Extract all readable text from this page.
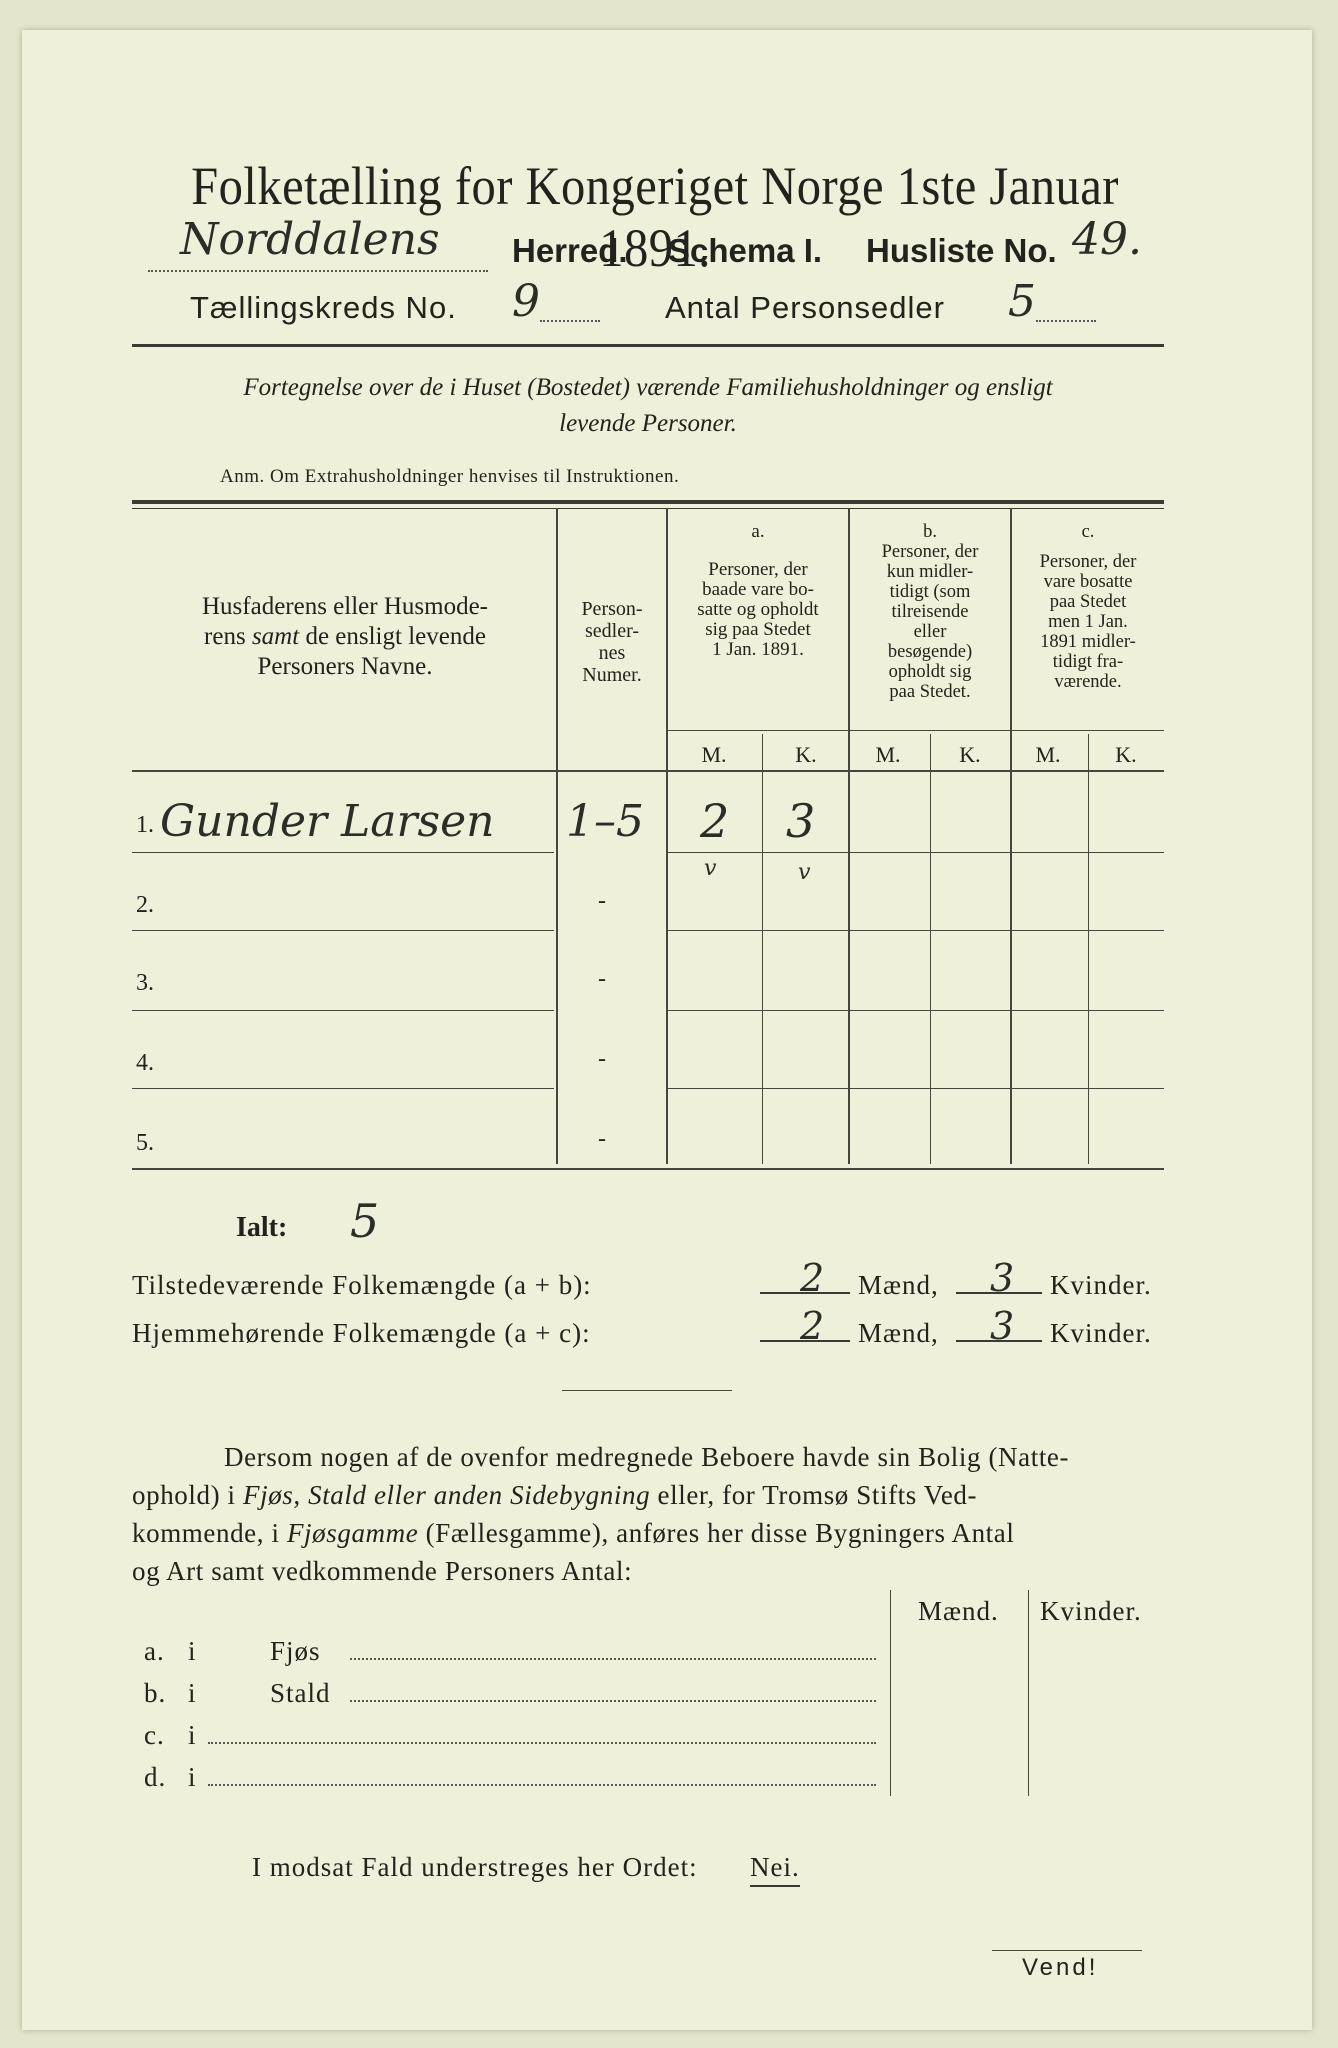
Folketælling for Kongeriget Norge 1ste Januar 1891.
Norddalens Herred. Schema I. Husliste No. 49.
Tællingskreds No. 9	Antal Personsedler 5
Fortegnelse over de i Huset (Bostedet) værende Familiehusholdninger og ensligt
levende Personer.
Anm. Om Extrahusholdninger henvises til Instruktionen.
Husfaderens eller Husmode-
rens samt de ensligt levende
Personers Navne.
Person-
sedler-
nes
Numer.
a.
Personer, der
baade vare bo-
satte og opholdt
sig paa Stedet
1 Jan. 1891.
b.
Personer, der
kun midler-
tidigt (som
tilreisende
eller
besøgende)
opholdt sig
paa Stedet.
c.
Personer, der
vare bosatte
paa Stedet
men 1 Jan.
1891 midler-
tidigt fra-
værende.
M.	K.	M.	K.	M.	K.
1. Gunder Larsen 1–5 2 3
v	v
2.	-
3.	-
4.	-
5.	-
Ialt: 5
Tilstedeværende Folkemængde (a + b):	2 Mænd, 3 Kvinder.
Hjemmehørende Folkemængde (a + c):	2 Mænd, 3 Kvinder.
Dersom nogen af de ovenfor medregnede Beboere havde sin Bolig (Natte-
ophold) i Fjøs, Stald eller anden Sidebygning eller, for Tromsø Stifts Ved-
kommende, i Fjøsgamme (Fællesgamme), anføres her disse Bygningers Antal
og Art samt vedkommende Personers Antal:
Mænd. Kvinder.
a. i	Fjøs
b. i	Stald
c. i
d. i
I modsat Fald understreges her Ordet: Nei.
Vend!
